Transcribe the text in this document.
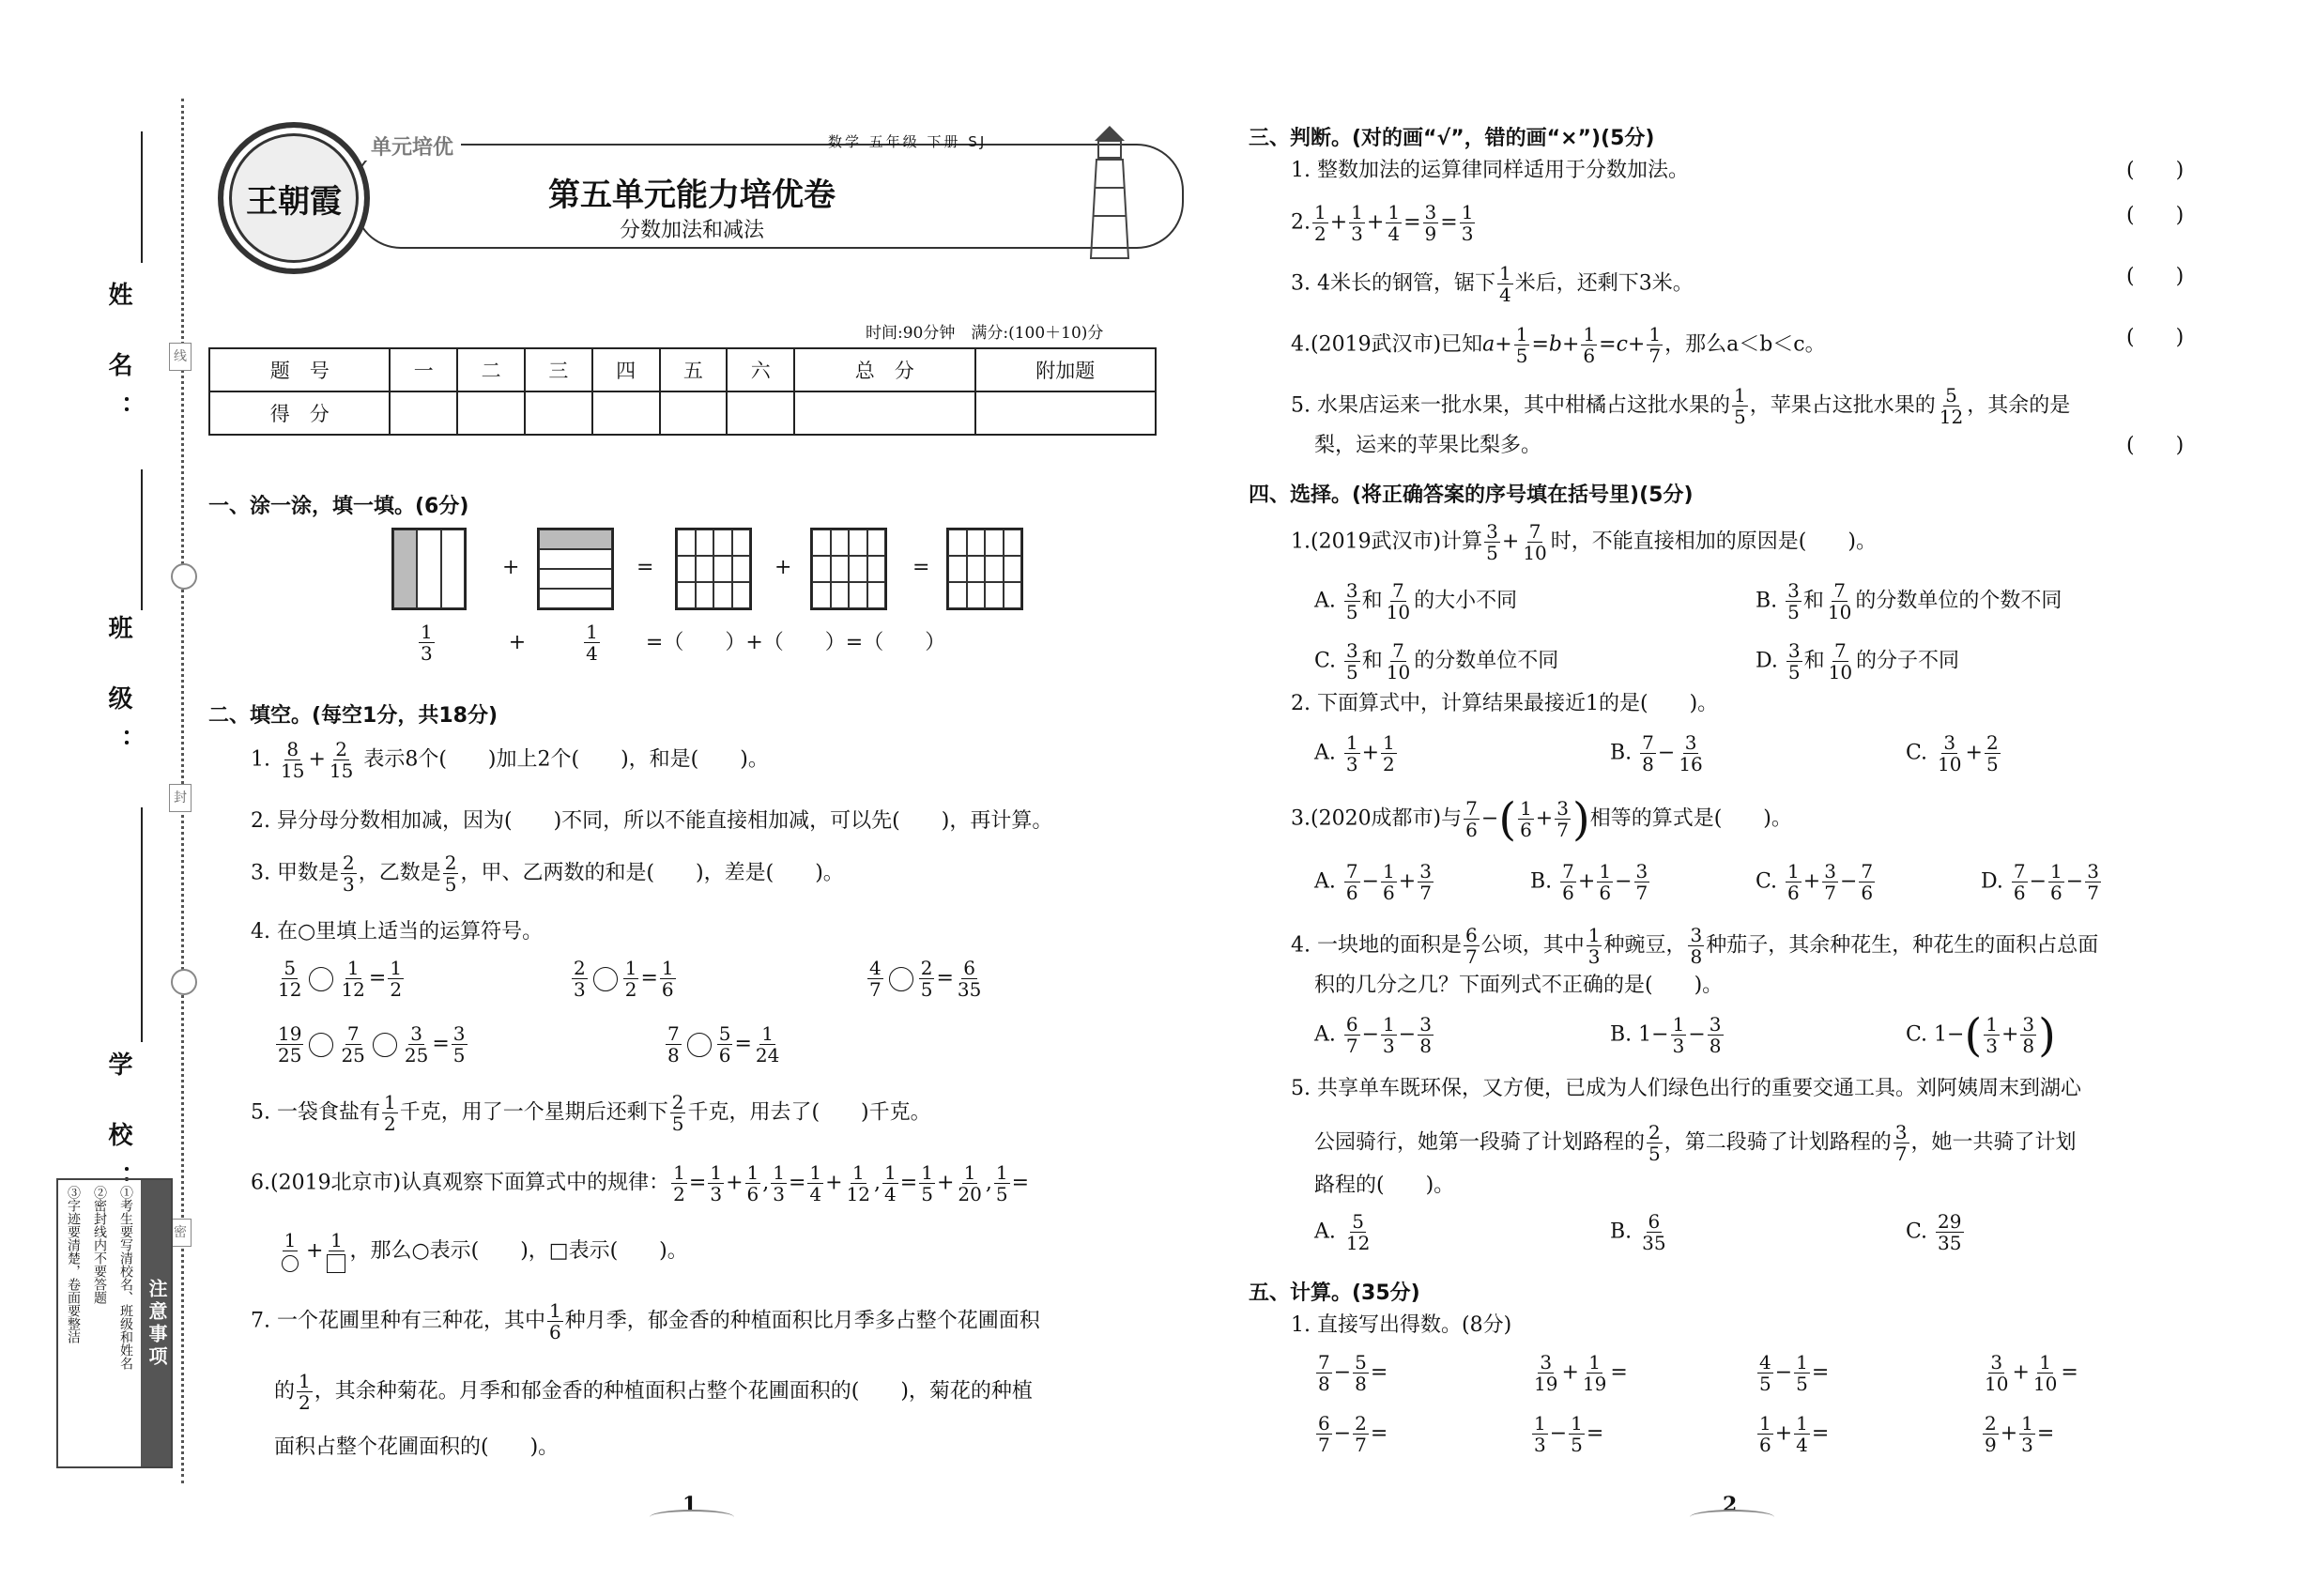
线
封
密
姓 名：
班 级：
学 校：
注意事项
①考生要写清校名、班级和姓名
②密封线内不要答题
③字迹要清楚，卷面要整洁
王朝霞
单元培优	数学 五年级 下册 SJ
第五单元能力培优卷
分数加法和减法
时间:90分钟　满分:(100＋10)分
题　号	一	二	三	四	五	六	总　分	附加题
得　分								
一、涂一涂，填一填。(6分)
+	=	+	=
$\frac{1}{3}$	+	$\frac{1}{4}$ =（　　）+（　　）=（　　）
二、填空。(每空1分，共18分)
1. $\frac{8}{15} + \frac{2}{15}$ 表示8个(　　)加上2个(　　)，和是(　　)。
2. 异分母分数相加减，因为(　　)不同，所以不能直接相加减，可以先(　　)，再计算。
3. 甲数是 $\frac{2}{3}$ ，乙数是 $\frac{2}{5}$ ，甲、乙两数的和是(　　)，差是(　　)。
4. 在○里填上适当的运算符号。
$\frac{5}{12} \frac{1}{12} = \frac{1}{2}$	$\frac{2}{3} \frac{1}{2} = \frac{1}{6}$	$\frac{4}{7} \frac{2}{5} = \frac{6}{35}$
$\frac{19}{25} \frac{7}{25} \frac{3}{25} = \frac{3}{5}$	$\frac{7}{8} \frac{5}{6} = \frac{1}{24}$
5. 一袋食盐有 $\frac{1}{2}$ 千克，用了一个星期后还剩下 $\frac{2}{5}$ 千克，用去了(　　)千克。
6.(2019北京市)认真观察下面算式中的规律： $\frac{1}{2} = \frac{1}{3} + \frac{1}{6}$ , $\frac{1}{3} = \frac{1}{4} + \frac{1}{12}$ , $\frac{1}{4} = \frac{1}{5} + \frac{1}{20}$ , $\frac{1}{5}$ =
1 + 1 ，那么○表示(　　)，□表示(　　)。
7. 一个花圃里种有三种花，其中 $\frac{1}{6}$ 种月季，郁金香的种植面积比月季多占整个花圃面积
的 $\frac{1}{2}$ ，其余种菊花。月季和郁金香的种植面积占整个花圃面积的(　　)，菊花的种植
面积占整个花圃面积的(　　)。
1
三、判断。(对的画“√”，错的画“×”)(5分)
1. 整数加法的运算律同样适用于分数加法。
2. $\frac{1}{2} + \frac{1}{3} + \frac{1}{4} = \frac{3}{9} = \frac{1}{3}$
3. 4米长的钢管，锯下 $\frac{1}{4}$ 米后，还剩下3米。
4.(2019武汉市)已知$a+ \frac{1}{5} =b+ \frac{1}{6} =c+ \frac{1}{7}$ ，那么a＜b＜c。
5. 水果店运来一批水果，其中柑橘占这批水果的 $\frac{1}{5}$ ，苹果占这批水果的 $\frac{5}{12}$ ，其余的是
梨，运来的苹果比梨多。
(　　)
(　　)
(　　)
(　　)
(　　)
四、选择。(将正确答案的序号填在括号里)(5分)
1.(2019武汉市)计算 $\frac{3}{5} + \frac{7}{10}$ 时，不能直接相加的原因是(　　)。
A. $\frac{3}{5}$ 和 $\frac{7}{10}$ 的大小不同	B. $\frac{3}{5}$ 和 $\frac{7}{10}$ 的分数单位的个数不同
C. $\frac{3}{5}$ 和 $\frac{7}{10}$ 的分数单位不同	D. $\frac{3}{5}$ 和 $\frac{7}{10}$ 的分子不同
2. 下面算式中，计算结果最接近1的是(　　)。
A. $\frac{1}{3} + \frac{1}{2}$	B. $\frac{7}{8} - \frac{3}{16}$	C. $\frac{3}{10} + \frac{2}{5}$
3.(2020成都市)与 $\frac{7}{6}$ −( $\frac{1}{6} + \frac{3}{7}$ )相等的算式是(　　)。
A. $\frac{7}{6} - \frac{1}{6} + \frac{3}{7}$	B. $\frac{7}{6} + \frac{1}{6} - \frac{3}{7}$	C. $\frac{1}{6} + \frac{3}{7} - \frac{7}{6}$	D. $\frac{7}{6} - \frac{1}{6} - \frac{3}{7}$
4. 一块地的面积是 $\frac{6}{7}$ 公顷，其中 $\frac{1}{3}$ 种豌豆， $\frac{3}{8}$ 种茄子，其余种花生，种花生的面积占总面
积的几分之几？下面列式不正确的是(　　)。
A. $\frac{6}{7} - \frac{1}{3} - \frac{3}{8}$	B. $1- \frac{1}{3} - \frac{3}{8}$	C. $1-( \frac{1}{3} + \frac{3}{8}$ )
5. 共享单车既环保，又方便，已成为人们绿色出行的重要交通工具。刘阿姨周末到湖心
公园骑行，她第一段骑了计划路程的 $\frac{2}{5}$ ，第二段骑了计划路程的 $\frac{3}{7}$ ，她一共骑了计划
路程的(　　)。
A. $\frac{5}{12}$	B. $\frac{6}{35}$	C. $\frac{29}{35}$
五、计算。(35分)
1. 直接写出得数。(8分)
$\frac{7}{8} - \frac{5}{8}$ =	$\frac{3}{19} + \frac{1}{19}$ =	$\frac{4}{5} - \frac{1}{5}$ =	$\frac{3}{10} + \frac{1}{10}$ =
$\frac{6}{7} - \frac{2}{7}$ =	$\frac{1}{3} - \frac{1}{5}$ =	$\frac{1}{6} + \frac{1}{4}$ =	$\frac{2}{9} + \frac{1}{3}$ =
2
